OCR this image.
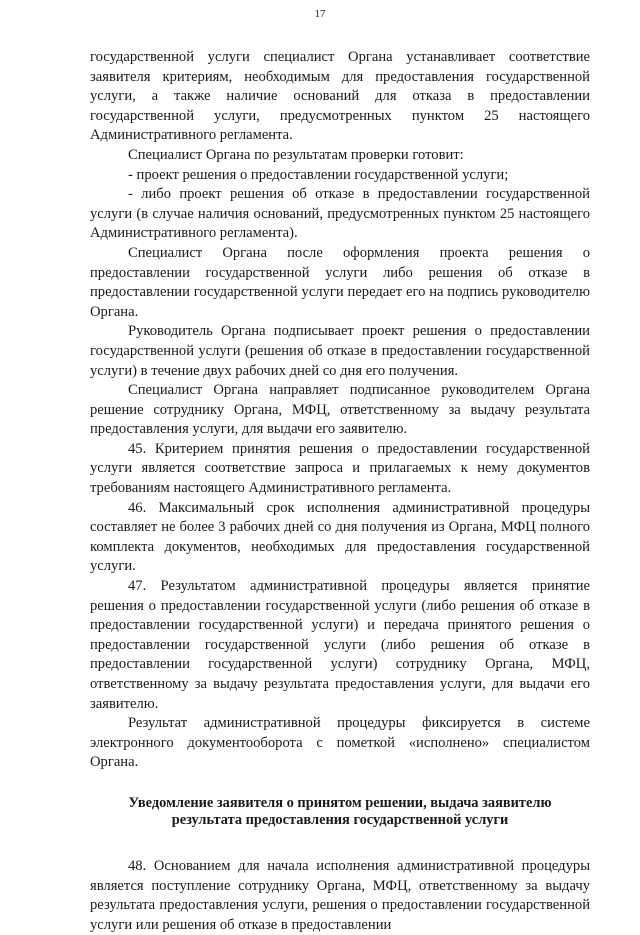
17

государственной услуги специалист Органа устанавливает соответствие заявителя критериям, необходимым для предоставления государственной услуги, а также наличие оснований для отказа в предоставлении государственной услуги, предусмотренных пунктом 25 настоящего Административного регламента.

Специалист Органа по результатам проверки готовит:

- проект решения о предоставлении государственной услуги;

- либо проект решения об отказе в предоставлении государственной услуги (в случае наличия оснований, предусмотренных пунктом 25 настоящего Административного регламента).

Специалист Органа после оформления проекта решения о предоставлении государственной услуги либо решения об отказе в предоставлении государственной услуги передает его на подпись руководителю Органа.

Руководитель Органа подписывает проект решения о предоставлении государственной услуги (решения об отказе в предоставлении государственной услуги) в течение двух рабочих дней со дня его получения.

Специалист Органа направляет подписанное руководителем Органа решение сотруднику Органа, МФЦ, ответственному за выдачу результата предоставления услуги, для выдачи его заявителю.

45. Критерием принятия решения о предоставлении государственной услуги является соответствие запроса и прилагаемых к нему документов требованиям настоящего Административного регламента.

46. Максимальный срок исполнения административной процедуры составляет не более 3 рабочих дней со дня получения из Органа, МФЦ полного комплекта документов, необходимых для предоставления государственной услуги.

47. Результатом административной процедуры является принятие решения о предоставлении государственной услуги (либо решения об отказе в предоставлении государственной услуги) и передача принятого решения о предоставлении государственной услуги (либо решения об отказе в предоставлении государственной услуги) сотруднику Органа, МФЦ, ответственному за выдачу результата предоставления услуги, для выдачи его заявителю.

Результат административной процедуры фиксируется в системе электронного документооборота с пометкой «исполнено» специалистом Органа.

Уведомление заявителя о принятом решении, выдача заявителю
результата предоставления государственной услуги

48. Основанием для начала исполнения административной процедуры является поступление сотруднику Органа, МФЦ, ответственному за выдачу результата предоставления услуги, решения о предоставлении государственной услуги или решения об отказе в предоставлении
